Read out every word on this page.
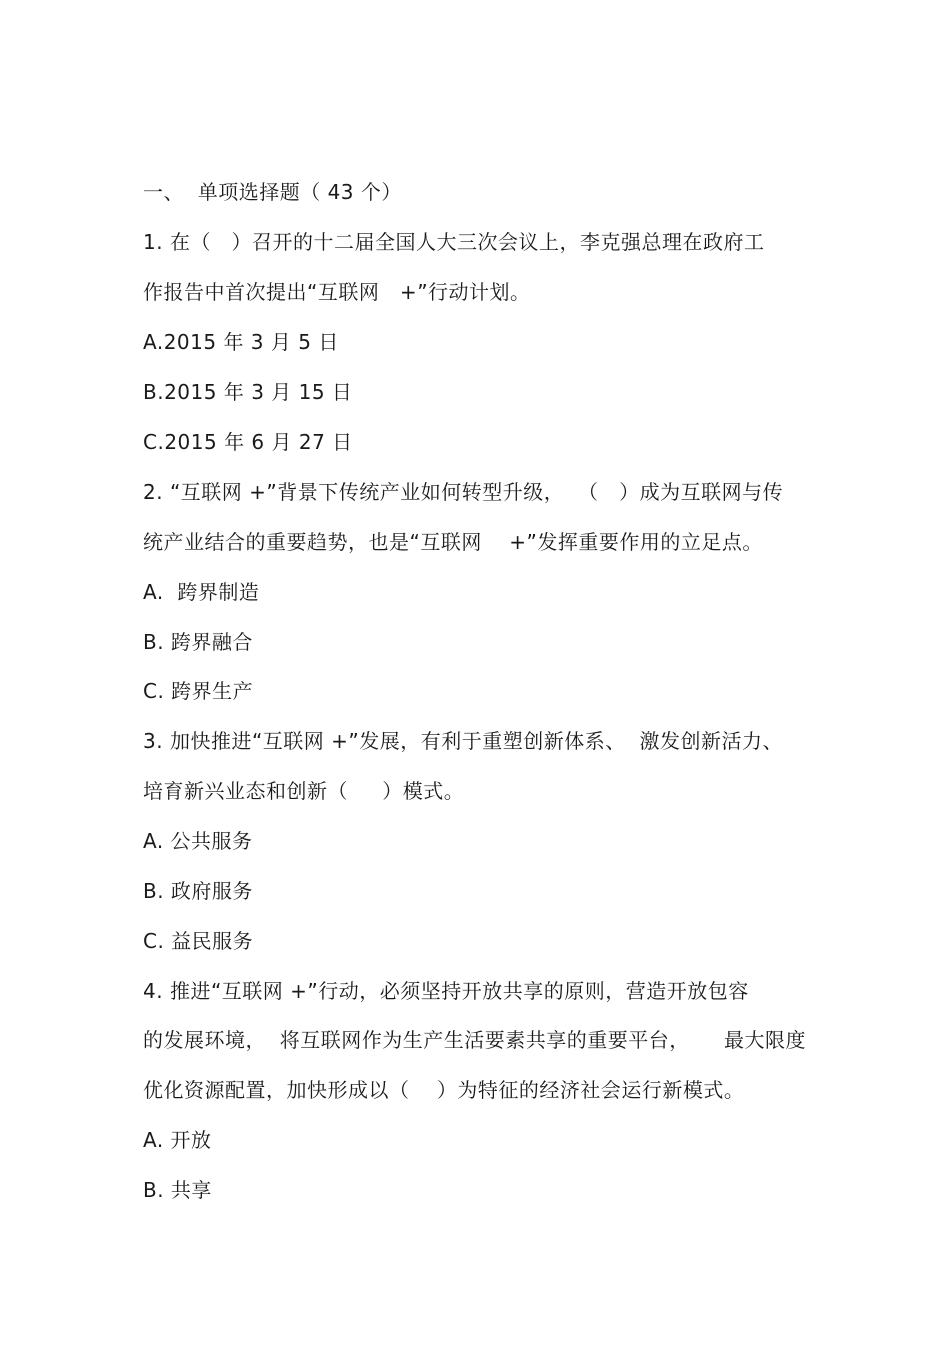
一、  单项选择题（ 43 个）
1. 在（   ）召开的十二届全国人大三次会议上，李克强总理在政府工
作报告中首次提出“互联网   +”行动计划。
A.2015 年 3 月 5 日
B.2015 年 3 月 15 日
C.2015 年 6 月 27 日
2. “互联网 +”背景下传统产业如何转型升级，  （   ）成为互联网与传
统产业结合的重要趋势，也是“互联网    +”发挥重要作用的立足点。
A.  跨界制造
B. 跨界融合
C. 跨界生产
3. 加快推进“互联网 +”发展，有利于重塑创新体系、  激发创新活力、
培育新兴业态和创新（     ）模式。
A. 公共服务
B. 政府服务
C. 益民服务
4. 推进“互联网 +”行动，必须坚持开放共享的原则，营造开放包容
的发展环境，  将互联网作为生产生活要素共享的重要平台，     最大限度
优化资源配置，加快形成以（    ）为特征的经济社会运行新模式。
A. 开放
B. 共享
